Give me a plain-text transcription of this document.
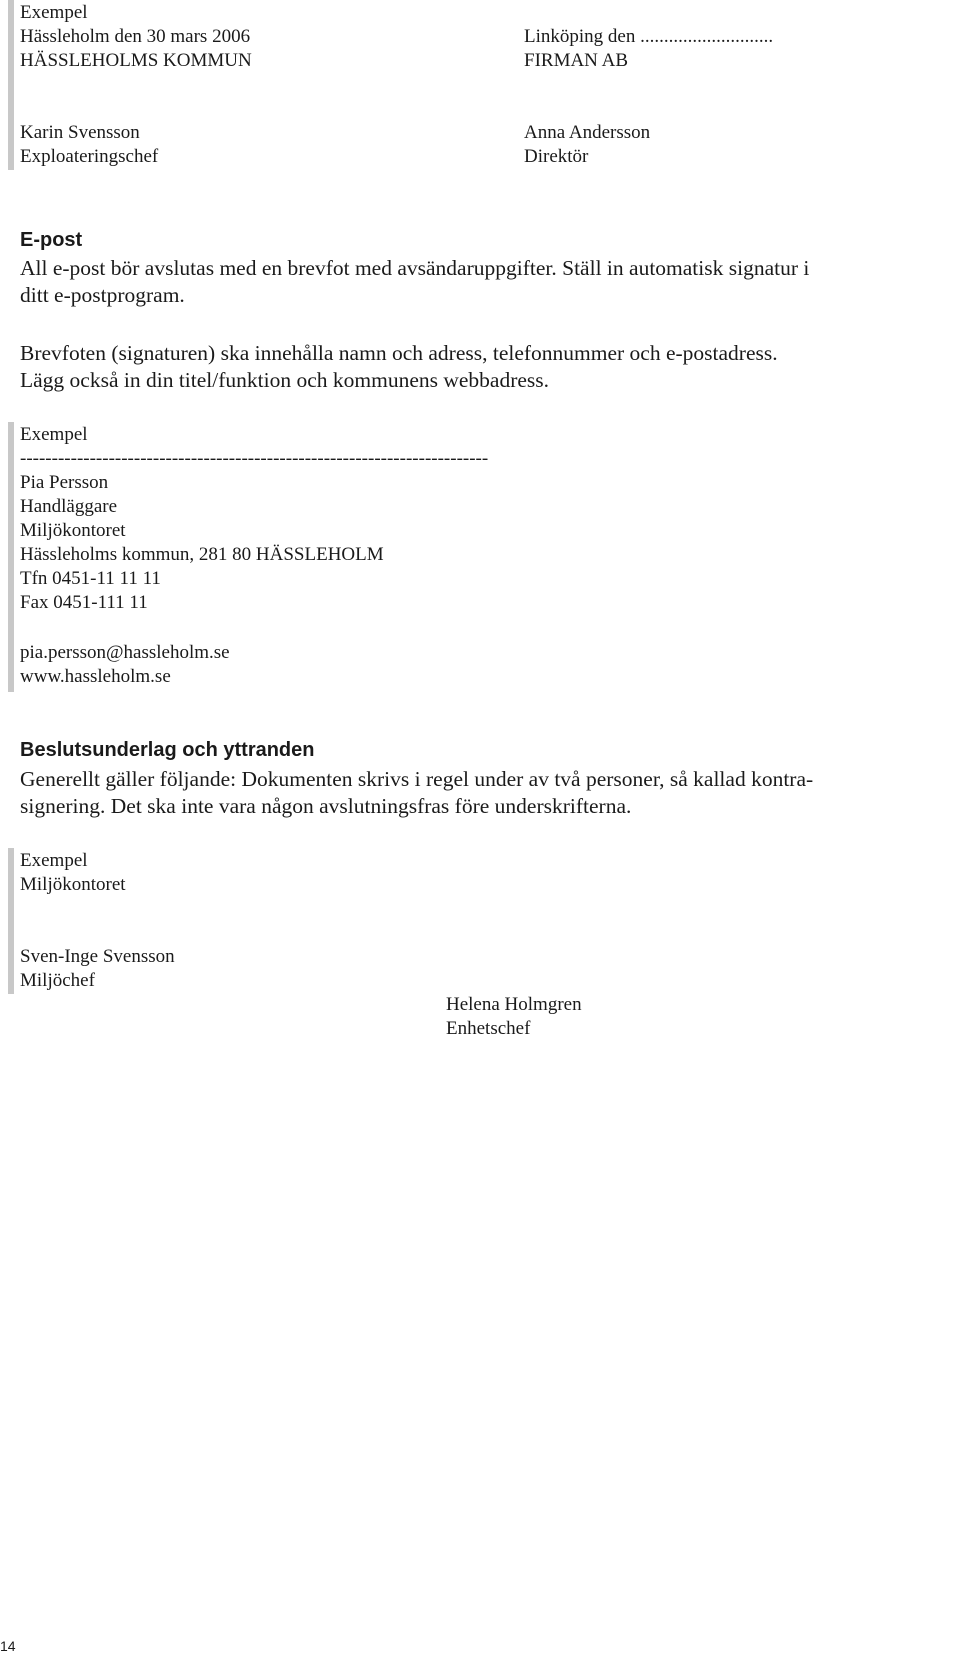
Exempel
Hässleholm den 30 mars 2006
HÄSSLEHOLMS KOMMUN
Linköping den ............................
FIRMAN AB
Karin Svensson
Exploateringschef
Anna Andersson
Direktör
E-post
All e-post bör avslutas med en brevfot med avsändaruppgifter. Ställ in automatisk signatur i
ditt e-postprogram.
Brevfoten (signaturen) ska innehålla namn och adress, telefonnummer och e-postadress.
Lägg också in din titel/funktion och kommunens webbadress.
Exempel
--------------------------------------------------------------------------
Pia Persson
Handläggare
Miljökontoret
Hässleholms kommun, 281 80 HÄSSLEHOLM
Tfn 0451-11 11 11
Fax 0451-111 11
pia.persson@hassleholm.se
www.hassleholm.se
Beslutsunderlag och yttranden
Generellt gäller följande: Dokumenten skrivs i regel under av två personer, så kallad kontra-
signering. Det ska inte vara någon avslutningsfras före underskrifterna.
Exempel
Miljökontoret
Sven-Inge Svensson
Miljöchef
Helena Holmgren
Enhetschef
14
